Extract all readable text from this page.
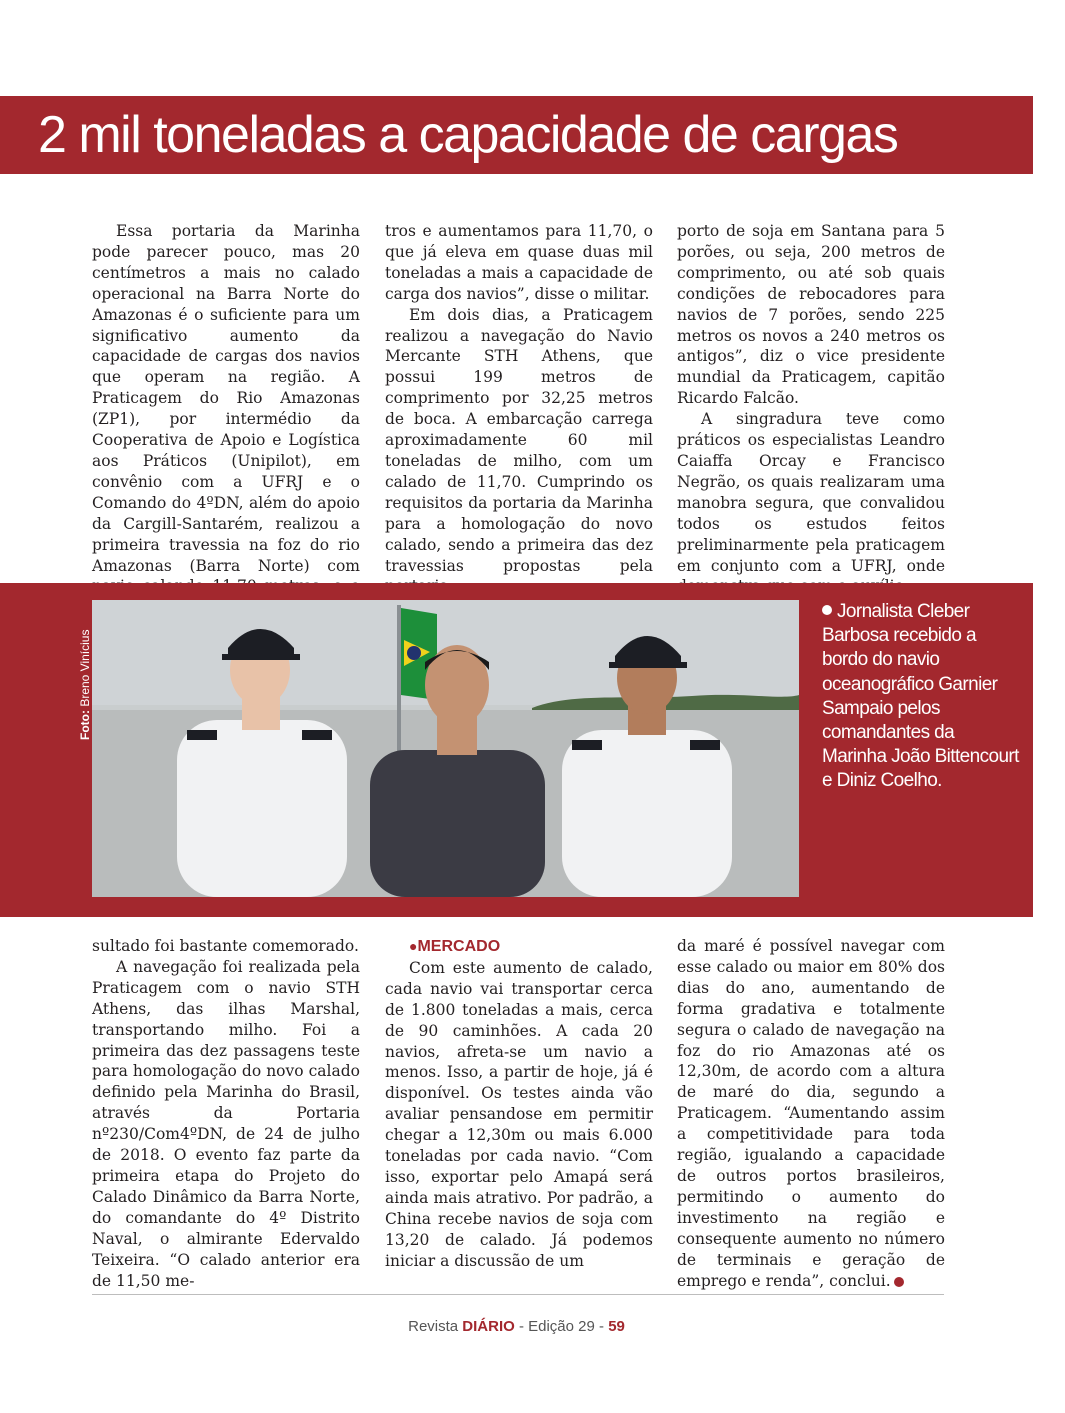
2 mil toneladas a capacidade de cargas

Essa portaria da Marinha pode parecer pouco, mas 20 centímetros a mais no calado operacional na Barra Norte do Amazonas é o suficiente para um significativo aumento da capacidade de cargas dos navios que operam na região. A Praticagem do Rio Amazonas (ZP1), por intermédio da Cooperativa de Apoio e Logística aos Práticos (Unipilot), em convênio com a UFRJ e o Comando do 4ºDN, além do apoio da Cargill-Santarém, realizou a primeira travessia na foz do rio Amazonas (Barra Norte) com

tros e aumentamos para 11,70, o que já eleva em quase duas mil toneladas a mais a capacidade de carga dos navios”, disse o militar.

Em dois dias, a Praticagem realizou a navegação do Navio Mercante STH Athens, que possui 199 metros de comprimento por 32,25 metros de boca. A embarcação carrega aproximadamente 60 mil toneladas de milho, com um calado de 11,70. Cumprindo os requisitos da portaria da Marinha para a homologação do novo calado, sendo a primeira das dez travessias propostas pela

porto de soja em Santana para 5 porões, ou seja, 200 metros de comprimento, ou até sob quais condições de rebocadores para navios de 7 porões, sendo 225 metros os novos a 240 metros os antigos”, diz o vice presidente mundial da Praticagem, capitão Ricardo Falcão.

A singradura teve como práticos os especialistas Leandro Caiaffa Orcay e Francisco Negrão, os quais realizaram uma manobra segura, que convalidou todos os estudos feitos preliminarmente pela praticagem em conjunto com a UFRJ, onde

Foto: Breno Vinícius
Jornalista Cleber Barbosa recebido a bordo do navio oceanográfico Garnier Sampaio pelos comandantes da Marinha João Bittencourt e Diniz Coelho.

sultado foi bastante comemorado.

A navegação foi realizada pela Praticagem com o navio STH Athens, das ilhas Marshal, transportando milho. Foi a primeira das dez passagens teste para homologação do novo calado definido pela Marinha do Brasil, através da Portaria nº230/Com4ºDN, de 24 de julho de 2018. O evento faz parte da primeira etapa do Projeto do Calado Dinâmico da Barra Norte, do comandante do 4º Distrito Naval, o almirante Edervaldo Teixeira. “O calado anterior era de 11,50 me-

●MERCADO

Com este aumento de calado, cada navio vai transportar cerca de 1.800 toneladas a mais, cerca de 90 caminhões. A cada 20 navios, afreta-se um navio a menos. Isso, a partir de hoje, já é disponível. Os testes ainda vão avaliar pensandose em permitir chegar a 12,30m ou mais 6.000 toneladas por cada navio. “Com isso, exportar pelo Amapá será ainda mais atrativo. Por padrão, a China recebe navios de soja com 13,20 de calado. Já podemos iniciar a discussão de um

da maré é possível navegar com esse calado ou maior em 80% dos dias do ano, aumentando de forma gradativa e totalmente segura o calado de navegação na foz do rio Amazonas até os 12,30m, de acordo com a altura de maré do dia, segundo a Praticagem. “Aumentando assim a competitividade para toda região, igualando a capacidade de outros portos brasileiros, permitindo o aumento do investimento na região e consequente aumento no número de terminais e geração de emprego e renda”, conclui.

Revista DIÁRIO - Edição 29 - 59
